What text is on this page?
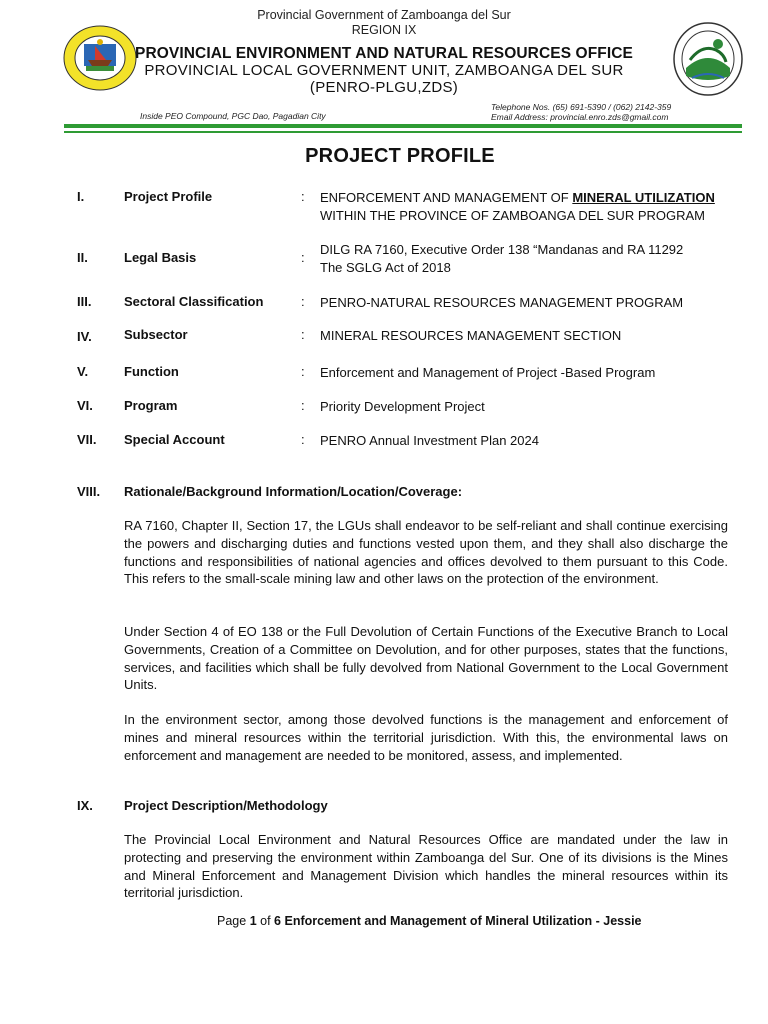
Provincial Government of Zamboanga del Sur
REGION IX
PROVINCIAL ENVIRONMENT AND NATURAL RESOURCES OFFICE
PROVINCIAL LOCAL GOVERNMENT UNIT, ZAMBOANGA DEL SUR
(PENRO-PLGU,ZDS)
Inside PEO Compound, PGC Dao, Pagadian City
Telephone Nos. (65) 691-5390 / (062) 2142-359
Email Address: provincial.enro.zds@gmail.com
PROJECT PROFILE
I.	Project Profile	: ENFORCEMENT AND MANAGEMENT OF MINERAL UTILIZATION
WITHIN THE PROVINCE OF ZAMBOANGA DEL SUR PROGRAM
II.	Legal Basis	:
DILG RA 7160, Executive Order 138 “Mandanas and RA 11292
The SGLG Act of 2018
III.	Sectoral Classification	: PENRO-NATURAL RESOURCES MANAGEMENT PROGRAM
IV. Subsector	: MINERAL RESOURCES MANAGEMENT SECTION
V.	Function	: Enforcement and Management of Project -Based Program
VI. Program	: Priority Development Project
VII. Special Account	: PENRO Annual Investment Plan 2024
VIII. Rationale/Background Information/Location/Coverage:
RA 7160, Chapter II, Section 17, the LGUs shall endeavor to be self-reliant and shall continue exercising the powers and discharging duties and functions vested upon them, and they shall also discharge the functions and responsibilities of national agencies and offices devolved to them pursuant to this Code. This refers to the small-scale mining law and other laws on the protection of the environment.
Under Section 4 of EO 138 or the Full Devolution of Certain Functions of the Executive Branch to Local Governments, Creation of a Committee on Devolution, and for other purposes, states that the functions, services, and facilities which shall be fully devolved from National Government to the Local Government Units.
In the environment sector, among those devolved functions is the management and enforcement of mines and mineral resources within the territorial jurisdiction. With this, the environmental laws on enforcement and management are needed to be monitored, assess, and implemented.
IX. Project Description/Methodology
The Provincial Local Environment and Natural Resources Office are mandated under the law in protecting and preserving the environment within Zamboanga del Sur. One of its divisions is the Mines and Mineral Enforcement and Management Division which handles the mineral resources within its territorial jurisdiction.
Page 1 of 6 Enforcement and Management of Mineral Utilization - Jessie
